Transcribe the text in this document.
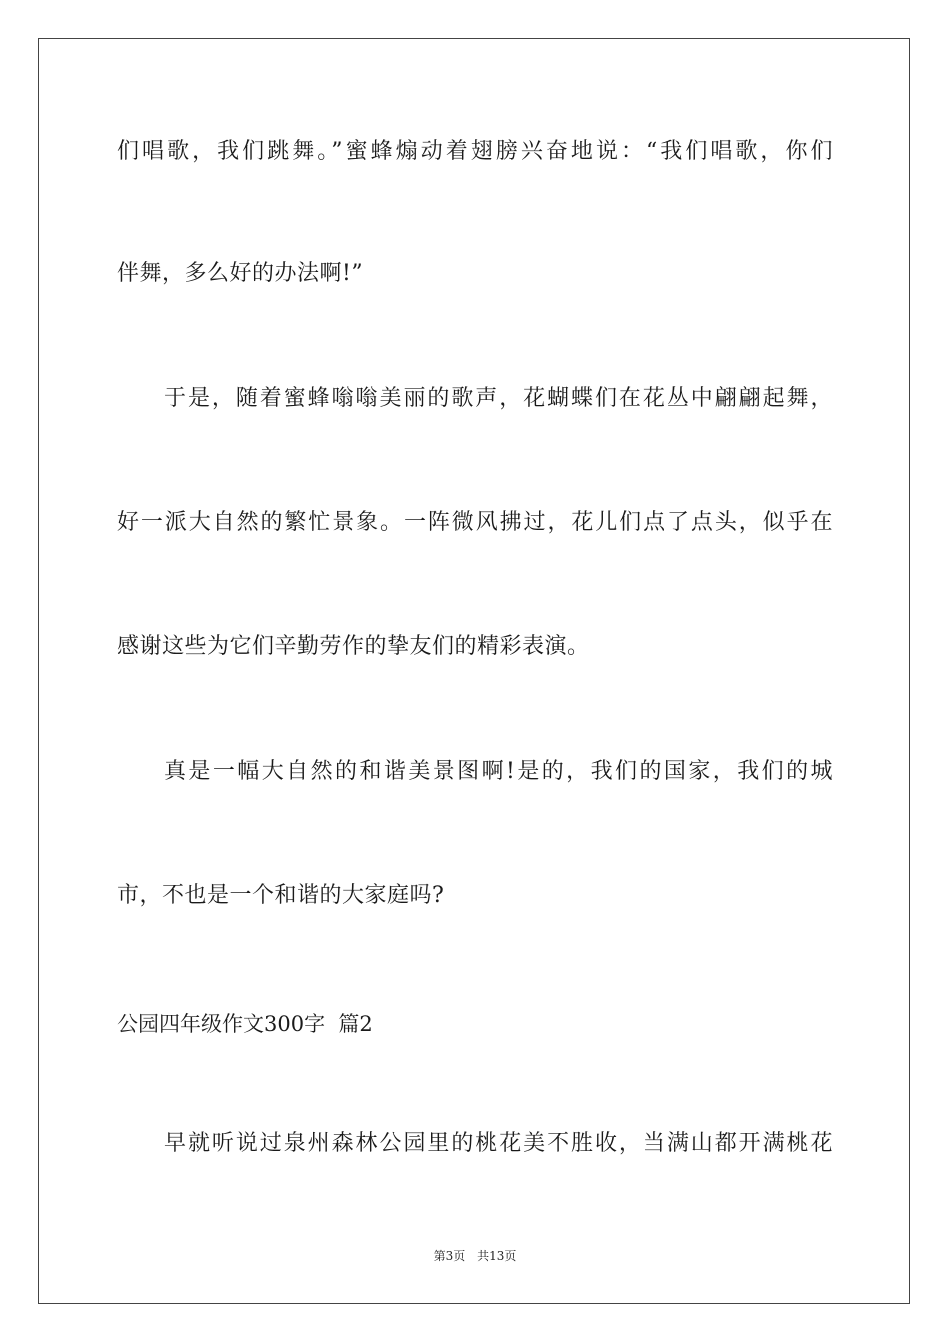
们唱歌，我们跳舞。”蜜蜂煽动着翅膀兴奋地说：“我们唱歌，你们
伴舞，多么好的办法啊!”
于是，随着蜜蜂嗡嗡美丽的歌声，花蝴蝶们在花丛中翩翩起舞，
好一派大自然的繁忙景象。一阵微风拂过，花儿们点了点头，似乎在
感谢这些为它们辛勤劳作的挚友们的精彩表演。
真是一幅大自然的和谐美景图啊!是的，我们的国家，我们的城
市，不也是一个和谐的大家庭吗?
公园四年级作文300字  篇2
早就听说过泉州森林公园里的桃花美不胜收，当满山都开满桃花
第3页 共13页
